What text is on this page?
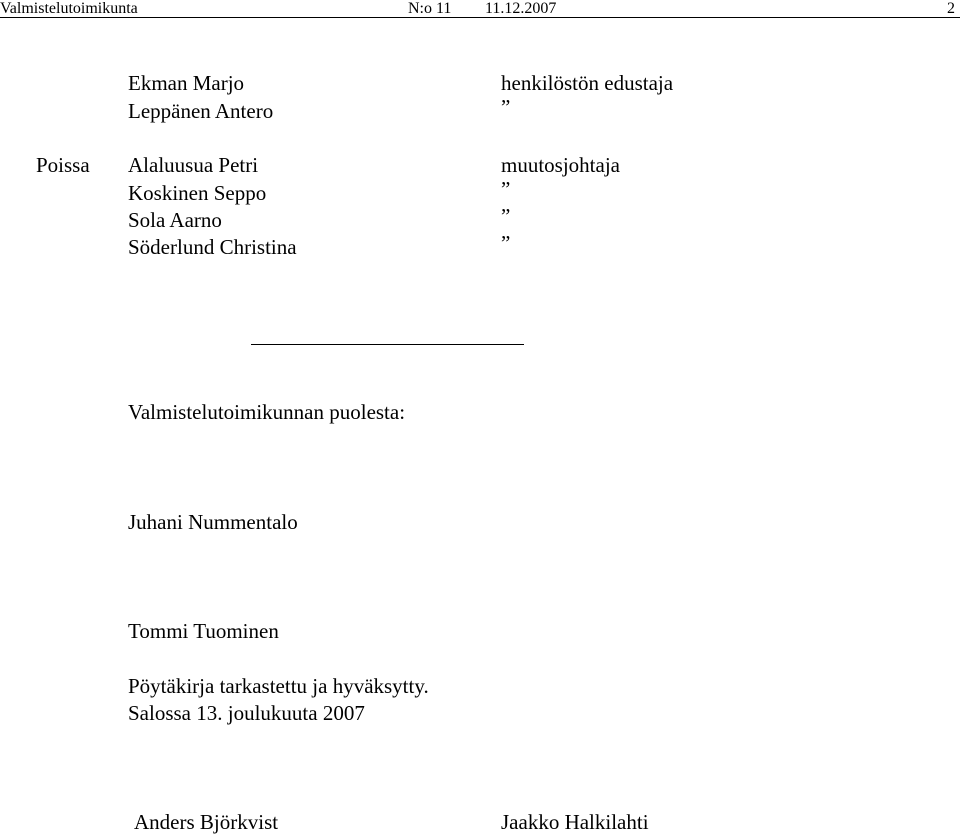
Valmistelutoimikunta	N:o 11 11.12.2007	2
Ekman Marjo	henkilöstön edustaja
Leppänen Antero	”
Poissa Alaluusua Petri	muutosjohtaja
Koskinen Seppo	”
Sola Aarno	”
Söderlund Christina	”
Valmistelutoimikunnan puolesta:
Juhani Nummentalo
Tommi Tuominen
Pöytäkirja tarkastettu ja hyväksytty.
Salossa 13. joulukuuta 2007
Anders Björkvist	Jaakko Halkilahti
